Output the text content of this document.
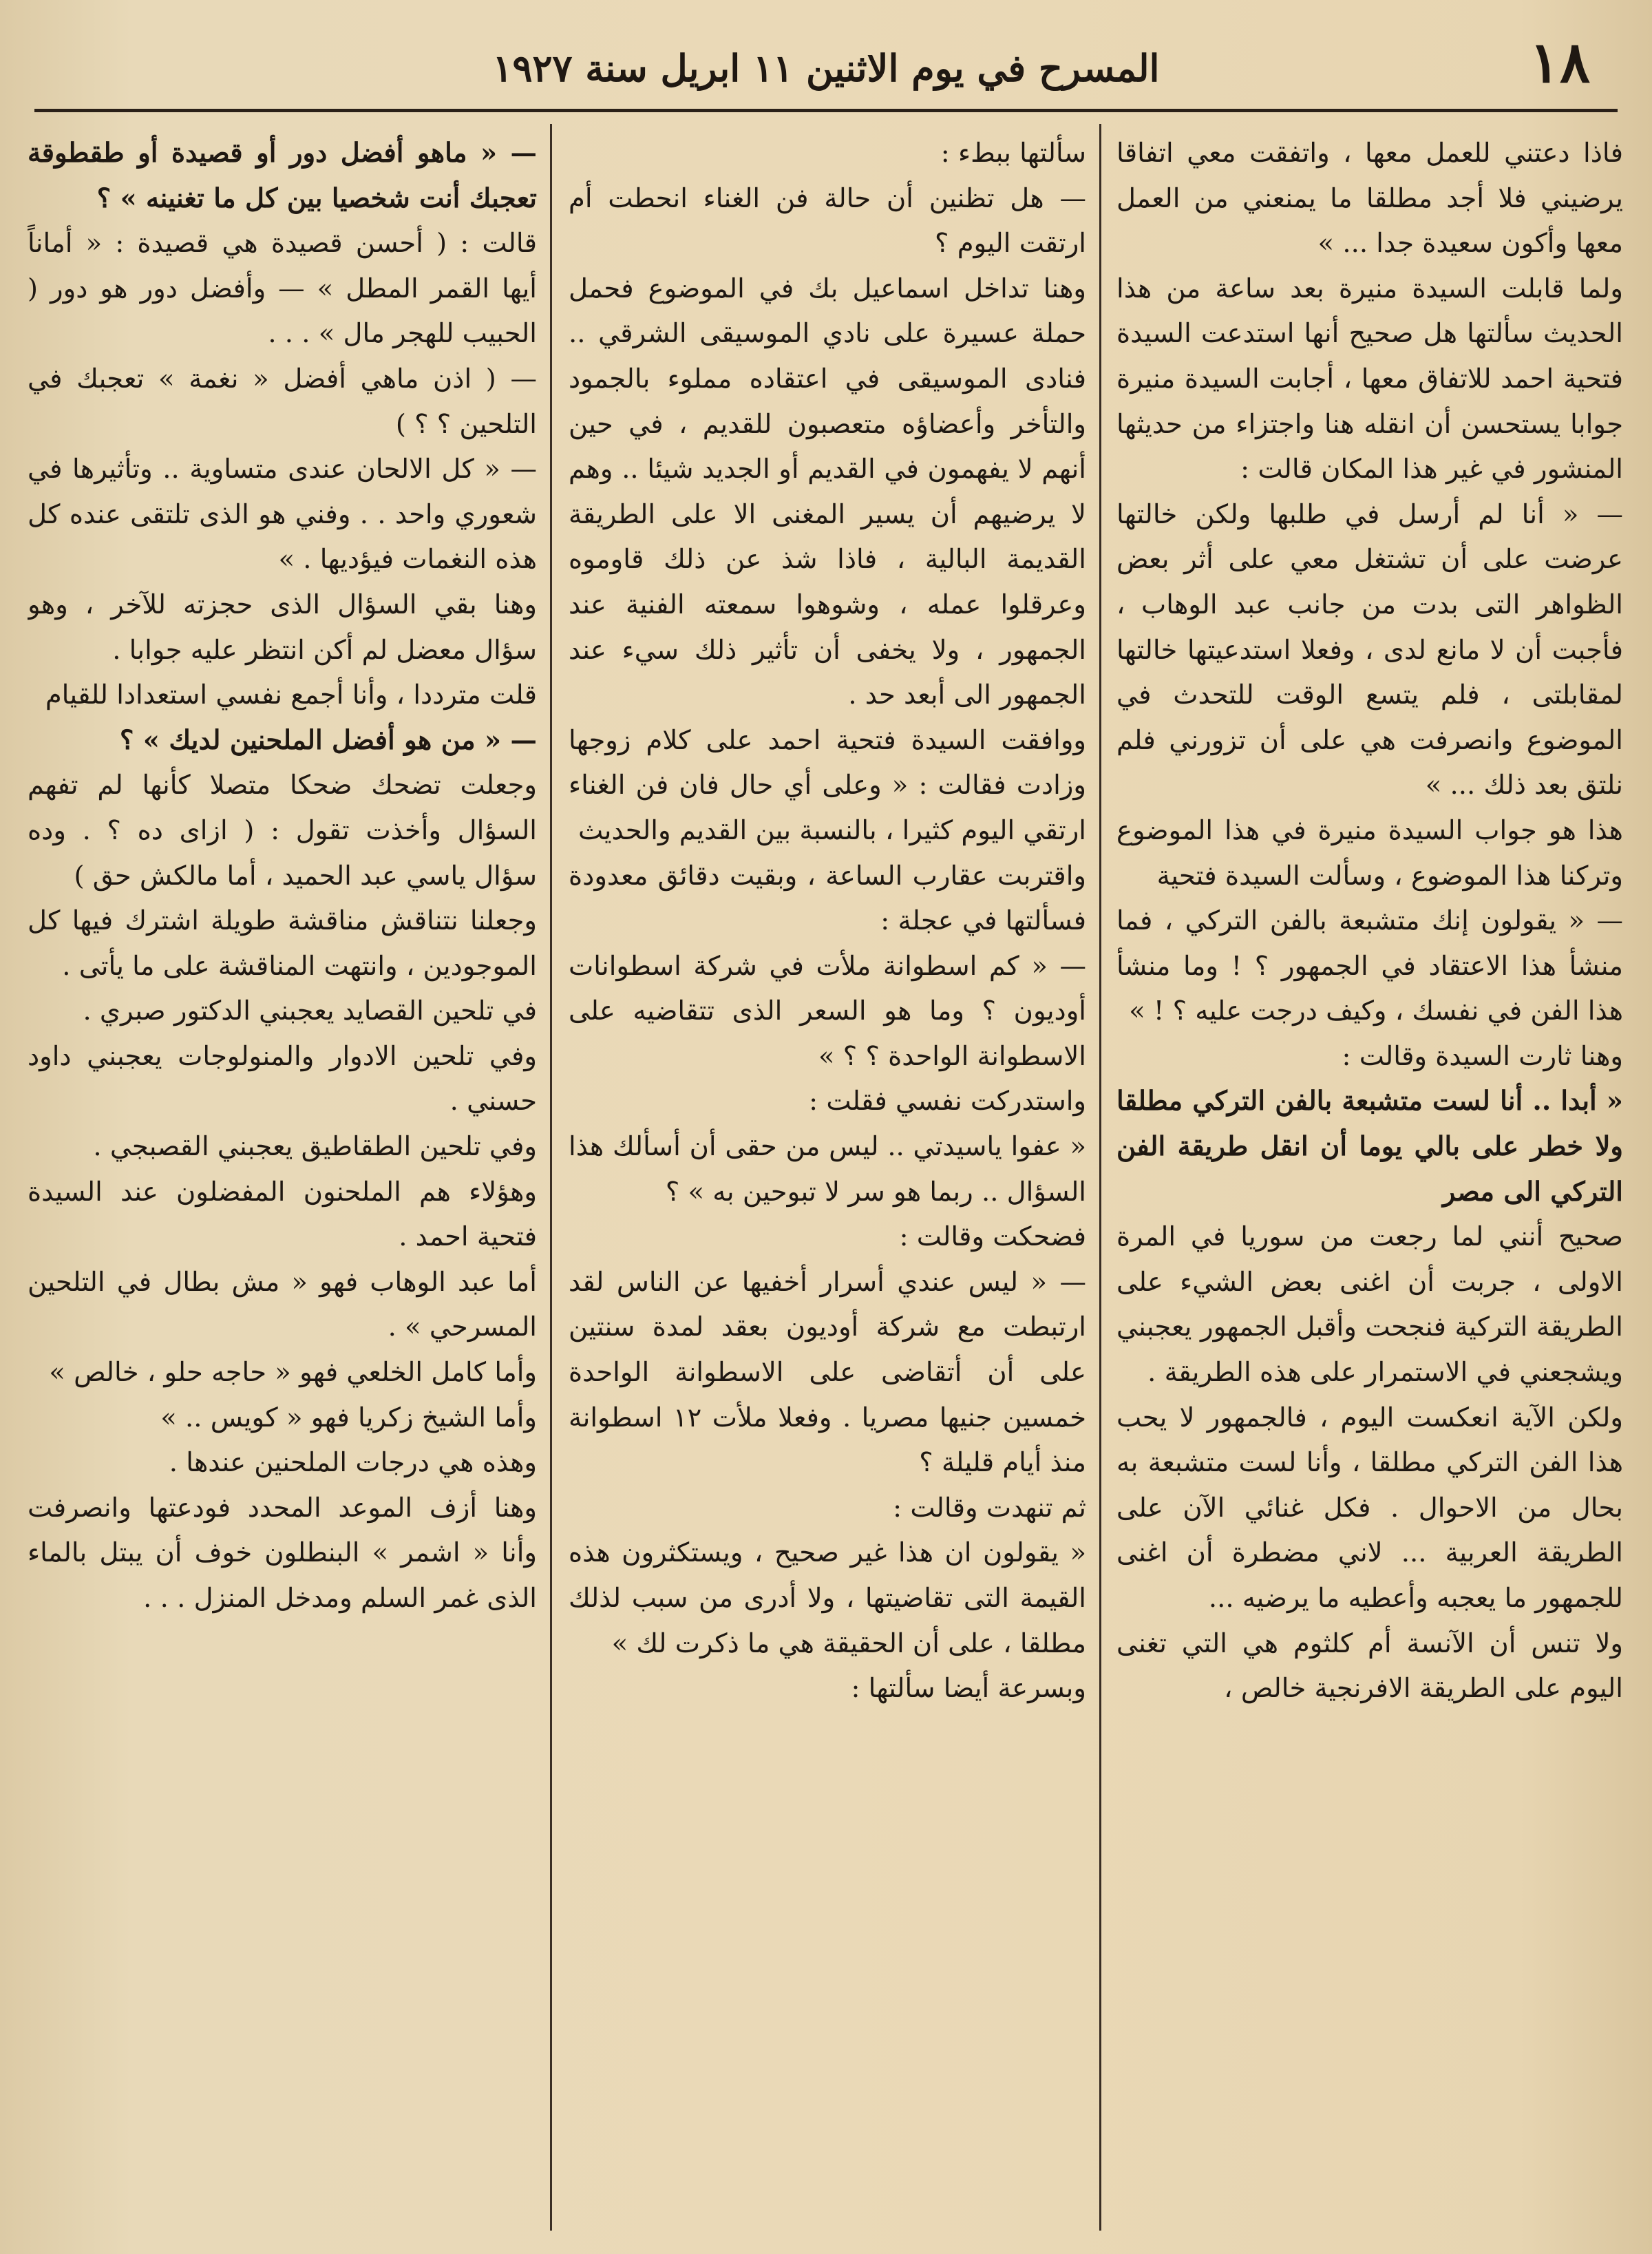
١٨
المسرح في يوم الاثنين ١١ ابريل سنة ١٩٢٧

فاذا دعتني للعمل معها ، واتفقت معي اتفاقا يرضيني فلا أجد مطلقا ما يمنعني من العمل معها وأكون سعيدة جدا ... »

ولما قابلت السيدة منيرة بعد ساعة من هذا الحديث سألتها هل صحيح أنها استدعت السيدة فتحية احمد للاتفاق معها ، أجابت السيدة منيرة جوابا يستحسن أن انقله هنا واجتزاء من حديثها المنشور في غير هذا المكان قالت :

— « أنا لم أرسل في طلبها ولكن خالتها عرضت على أن تشتغل معي على أثر بعض الظواهر التى بدت من جانب عبد الوهاب ، فأجبت أن لا مانع لدى ، وفعلا استدعيتها خالتها لمقابلتى ، فلم يتسع الوقت للتحدث في الموضوع وانصرفت هي على أن تزورني فلم نلتق بعد ذلك ... »

هذا هو جواب السيدة منيرة في هذا الموضوع وتركنا هذا الموضوع ، وسألت السيدة فتحية

— « يقولون إنك متشبعة بالفن التركي ، فما منشأ هذا الاعتقاد في الجمهور ؟ ! وما منشأ هذا الفن في نفسك ، وكيف درجت عليه ؟ ! »

وهنا ثارت السيدة وقالت :

« أبدا .. أنا لست متشبعة بالفن التركي مطلقا ولا خطر على بالي يوما أن انقل طريقة الفن التركي الى مصر

صحيح أنني لما رجعت من سوريا في المرة الاولى ، جربت أن اغنى بعض الشيء على الطريقة التركية فنجحت وأقبل الجمهور يعجبني ويشجعني في الاستمرار على هذه الطريقة .

ولكن الآية انعكست اليوم ، فالجمهور لا يحب هذا الفن التركي مطلقا ، وأنا لست متشبعة به بحال من الاحوال . فكل غنائي الآن على الطريقة العربية ... لاني مضطرة أن اغنى للجمهور ما يعجبه وأعطيه ما يرضيه ...

ولا تنس أن الآنسة أم كلثوم هي التي تغنى اليوم على الطريقة الافرنجية خالص ،

سألتها ببطء :

— هل تظنين أن حالة فن الغناء انحطت أم ارتقت اليوم ؟

وهنا تداخل اسماعيل بك في الموضوع فحمل حملة عسيرة على نادي الموسيقى الشرقي .. فنادى الموسيقى في اعتقاده مملوء بالجمود والتأخر وأعضاؤه متعصبون للقديم ، في حين أنهم لا يفهمون في القديم أو الجديد شيئا .. وهم لا يرضيهم أن يسير المغنى الا على الطريقة القديمة البالية ، فاذا شذ عن ذلك قاوموه وعرقلوا عمله ، وشوهوا سمعته الفنية عند الجمهور ، ولا يخفى أن تأثير ذلك سيء عند الجمهور الى أبعد حد .

ووافقت السيدة فتحية احمد على كلام زوجها وزادت فقالت : « وعلى أي حال فان فن الغناء ارتقي اليوم كثيرا ، بالنسبة بين القديم والحديث

واقتربت عقارب الساعة ، وبقيت دقائق معدودة فسألتها في عجلة :

— « كم اسطوانة ملأت في شركة اسطوانات أوديون ؟ وما هو السعر الذى تتقاضيه على الاسطوانة الواحدة ؟ ؟ »

واستدركت نفسي فقلت :

« عفوا ياسيدتي .. ليس من حقى أن أسألك هذا السؤال .. ربما هو سر لا تبوحين به » ؟

فضحكت وقالت :

— « ليس عندي أسرار أخفيها عن الناس لقد ارتبطت مع شركة أوديون بعقد لمدة سنتين على أن أتقاضى على الاسطوانة الواحدة خمسين جنيها مصريا . وفعلا ملأت ١٢ اسطوانة منذ أيام قليلة ؟

ثم تنهدت وقالت :

« يقولون ان هذا غير صحيح ، ويستكثرون هذه القيمة التى تقاضيتها ، ولا أدرى من سبب لذلك مطلقا ، على أن الحقيقة هي ما ذكرت لك »

وبسرعة أيضا سألتها :

— « ماهو أفضل دور أو قصيدة أو طقطوقة تعجبك أنت شخصيا بين كل ما تغنينه » ؟

قالت : ( أحسن قصيدة هي قصيدة : « أماناً أيها القمر المطل » — وأفضل دور هو دور ( الحبيب للهجر مال » . . .

— ( اذن ماهي أفضل « نغمة » تعجبك في التلحين ؟ ؟ )

— « كل الالحان عندى متساوية .. وتأثيرها في شعوري واحد . . وفني هو الذى تلتقى عنده كل هذه النغمات فيؤديها . »

وهنا بقي السؤال الذى حجزته للآخر ، وهو سؤال معضل لم أكن انتظر عليه جوابا .

قلت مترددا ، وأنا أجمع نفسي استعدادا للقيام

— « من هو أفضل الملحنين لديك » ؟

وجعلت تضحك ضحكا متصلا كأنها لم تفهم السؤال وأخذت تقول : ( ازاى ده ؟ . وده سؤال ياسي عبد الحميد ، أما مالكش حق )

وجعلنا نتناقش مناقشة طويلة اشترك فيها كل الموجودين ، وانتهت المناقشة على ما يأتى .

في تلحين القصايد يعجبني الدكتور صبري .

وفي تلحين الادوار والمنولوجات يعجبني داود حسني .

وفي تلحين الطقاطيق يعجبني القصبجي .

وهؤلاء هم الملحنون المفضلون عند السيدة فتحية احمد .

أما عبد الوهاب فهو « مش بطال في التلحين المسرحي » .

وأما كامل الخلعي فهو « حاجه حلو ، خالص »

وأما الشيخ زكريا فهو « كويس .. »

وهذه هي درجات الملحنين عندها .

وهنا أزف الموعد المحدد فودعتها وانصرفت وأنا « اشمر » البنطلون خوف أن يبتل بالماء الذى غمر السلم ومدخل المنزل . . .
